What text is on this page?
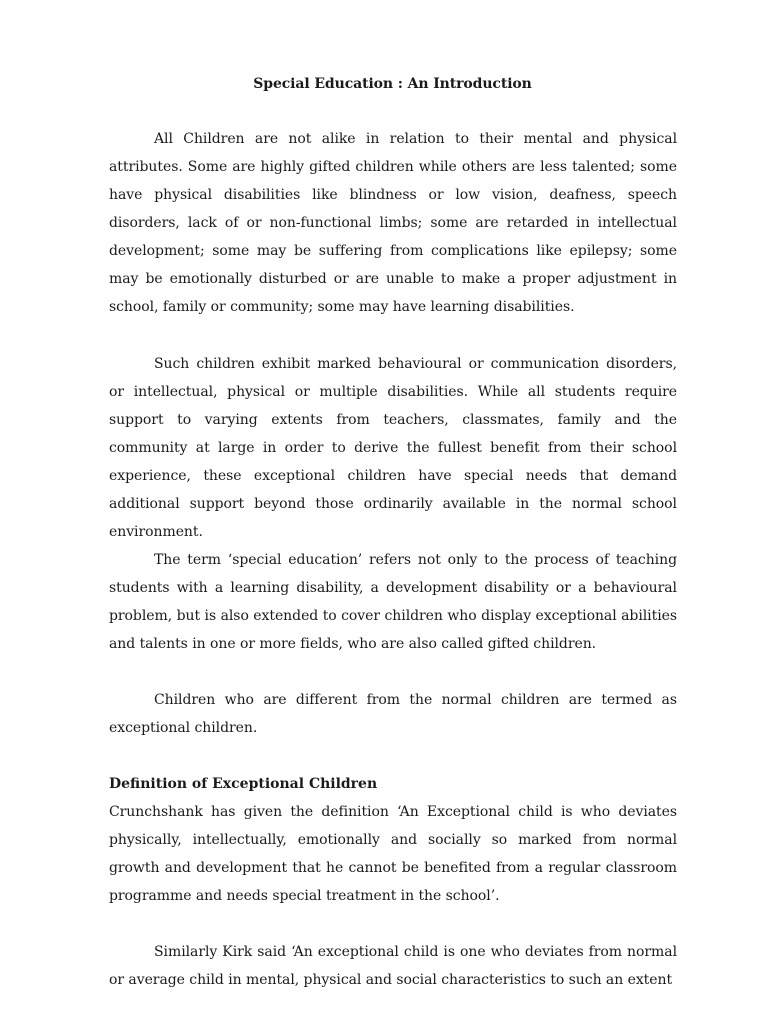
Special Education : An Introduction

All Children are not alike in relation to their mental and physical attributes. Some are highly gifted children while others are less talented; some have physical disabilities like blindness or low vision, deafness, speech disorders, lack of or non-functional limbs; some are retarded in intellectual development; some may be suffering from complications like epilepsy; some may be emotionally disturbed or are unable to make a proper adjustment in school, family or community; some may have learning disabilities.

Such children exhibit marked behavioural or communication disorders, or intellectual, physical or multiple disabilities. While all students require support to varying extents from teachers, classmates, family and the community at large in order to derive the fullest benefit from their school experience, these exceptional children have special needs that demand additional support beyond those ordinarily available in the normal school environment.

The term ‘special education’ refers not only to the process of teaching students with a learning disability, a development disability or a behavioural problem, but is also extended to cover children who display exceptional abilities and talents in one or more fields, who are also called gifted children.

Children who are different from the normal children are termed as exceptional children.

Definition of Exceptional Children

Crunchshank has given the definition ‘An Exceptional child is who deviates physically, intellectually, emotionally and socially so marked from normal growth and development that he cannot be benefited from a regular classroom programme and needs special treatment in the school’.

Similarly Kirk said ‘An exceptional child is one who deviates from normal or average child in mental, physical and social characteristics to such an extent
